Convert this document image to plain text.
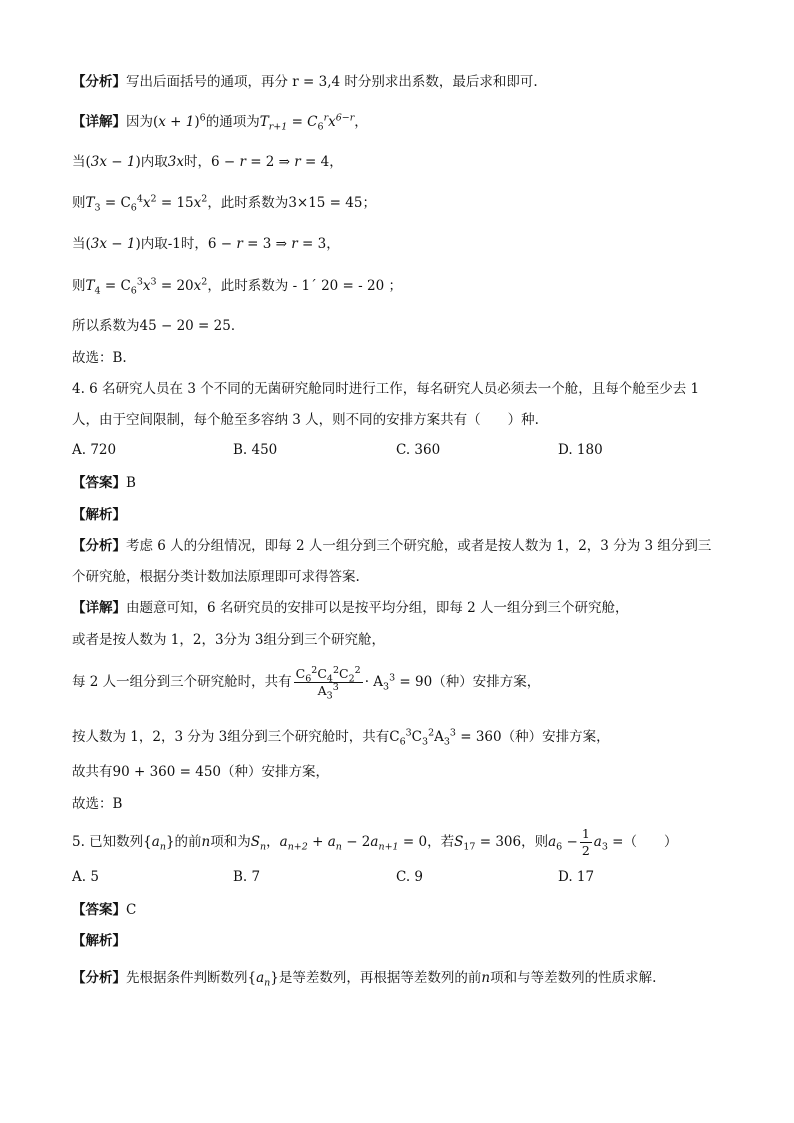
【分析】写出后面括号的通项，再分 r = 3,4 时分别求出系数，最后求和即可.
【详解】因为$(x + 1)^6$的通项为$T_{r+1} = C_6^rx^{6-r}$，
当(3x − 1)内取3x时，6 − r = 2 ⇒ r = 4，
则$T_3 = C_6^4x^2 = 15x^2$，此时系数为3×15 = 45；
当(3x − 1)内取-1时，6 − r = 3 ⇒ r = 3，
则$T_4 = C_6^3x^3 = 20x^2$，此时系数为 - 1´ 20 = - 20 ；
所以系数为45 − 20 = 25．
故选：B.
4. 6 名研究人员在 3 个不同的无菌研究舱同时进行工作，每名研究人员必须去一个舱，且每个舱至少去 1
人，由于空间限制，每个舱至多容纳 3 人，则不同的安排方案共有（　　）种.
A. 720	B. 450	C. 360	D. 180
【答案】B
【解析】
【分析】考虑 6 人的分组情况，即每 2 人一组分到三个研究舱，或者是按人数为 1，2，3 分为 3 组分到三
个研究舱，根据分类计数加法原理即可求得答案.
【详解】由题意可知，6 名研究员的安排可以是按平均分组，即每 2 人一组分到三个研究舱，
或者是按人数为 1，2，3分为 3组分到三个研究舱，
每 2 人一组分到三个研究舱时，共有 $\frac{C_6^2C_4^2C_2^2}{A_3^3} \cdot A_3^3 = 90$（种）安排方案，
按人数为 1，2，3 分为 3组分到三个研究舱时，共有$C_6^3C_3^2A_3^3 = 360$（种）安排方案，
故共有90 + 360 = 450（种）安排方案，
故选：B
5. 已知数列$\{a_n\}$的前n项和为$S_n$，$a_{n+2} + a_n - 2a_{n+1} = 0$，若$S_{17} = 306$，则$a_6 - \frac{1}{2} a_3$ =（　　）
A. 5	B. 7	C. 9	D. 17
【答案】C
【解析】
【分析】先根据条件判断数列$\{a_n\}$是等差数列，再根据等差数列的前n项和与等差数列的性质求解.
